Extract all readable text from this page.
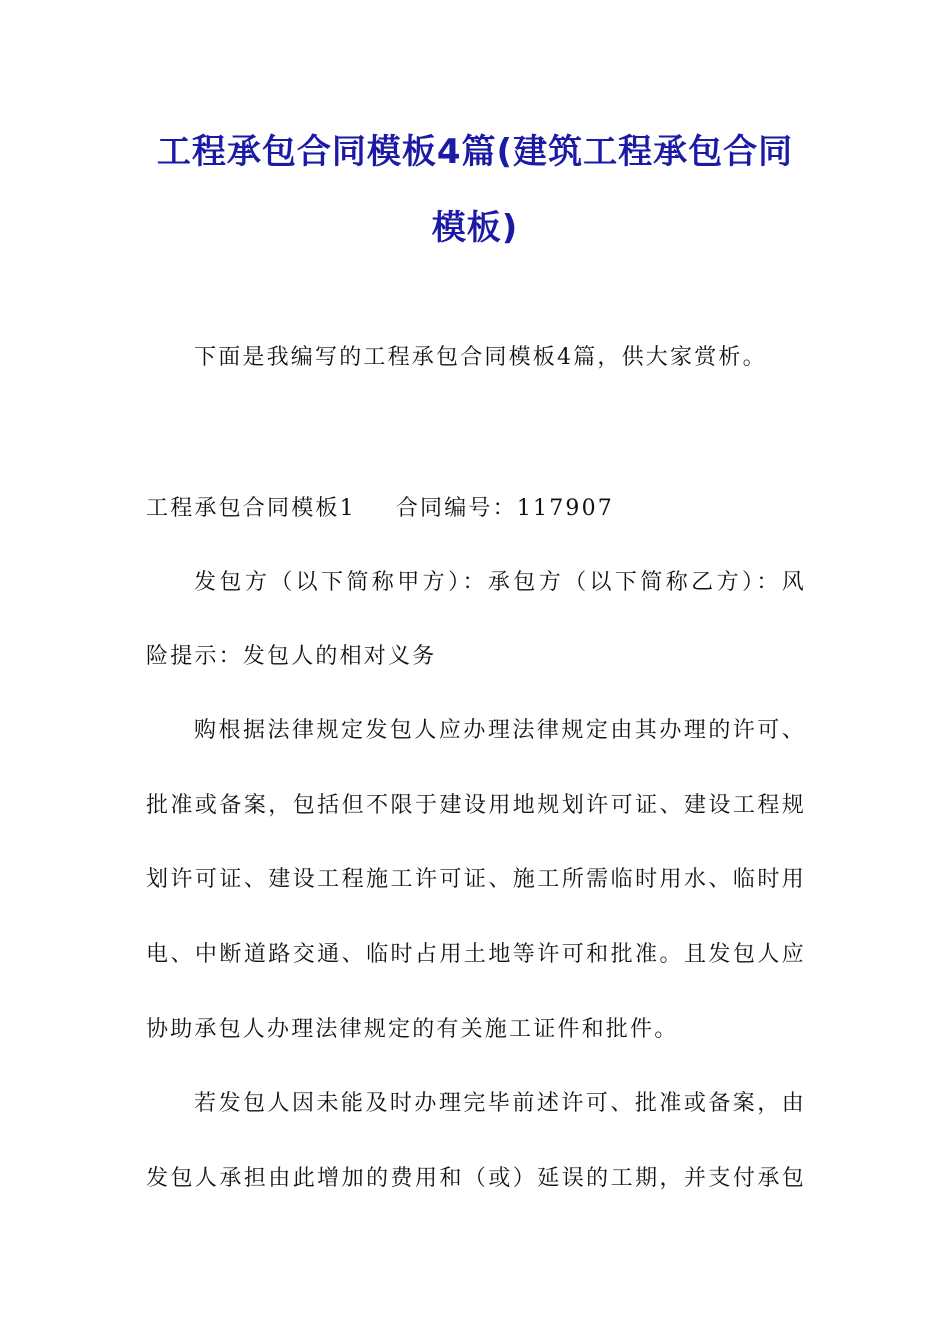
工程承包合同模板4篇(建筑工程承包合同
模板)
下面是我编写的工程承包合同模板4篇，供大家赏析。
工程承包合同模板1 合同编号：117907
发包方（以下简称甲方）：承包方（以下简称乙方）：风
险提示：发包人的相对义务
购根据法律规定发包人应办理法律规定由其办理的许可、
批准或备案，包括但不限于建设用地规划许可证、建设工程规
划许可证、建设工程施工许可证、施工所需临时用水、临时用
电、中断道路交通、临时占用土地等许可和批准。且发包人应
协助承包人办理法律规定的有关施工证件和批件。
若发包人因未能及时办理完毕前述许可、批准或备案，由
发包人承担由此增加的费用和（或）延误的工期，并支付承包
